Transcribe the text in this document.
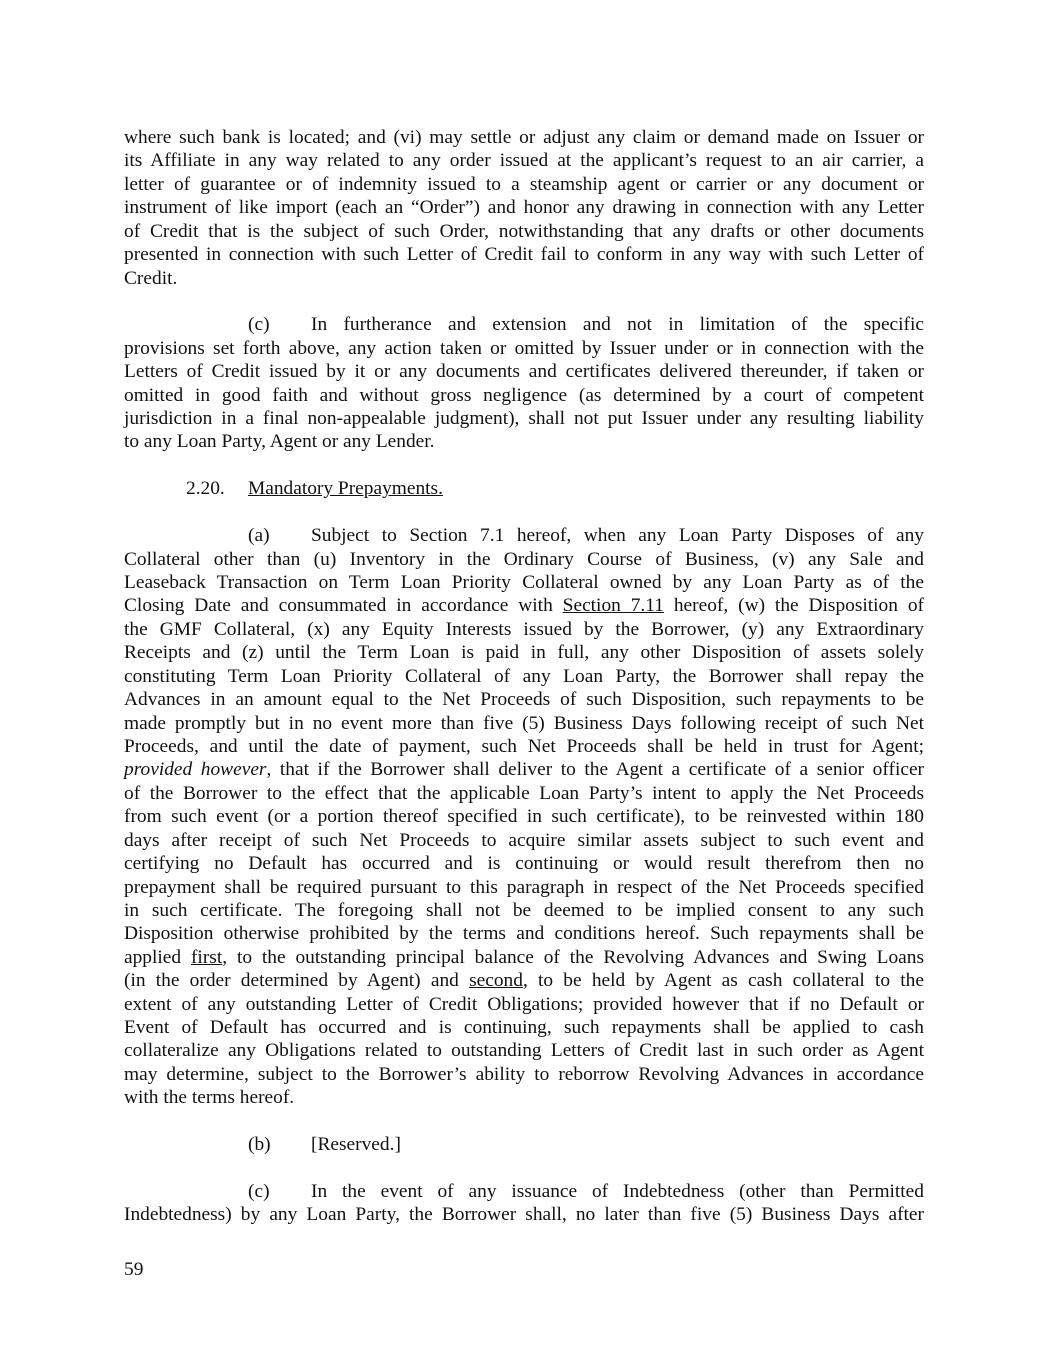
where such bank is located; and (vi) may settle or adjust any claim or demand made on Issuer or
its Affiliate in any way related to any order issued at the applicant’s request to an air carrier, a
letter of guarantee or of indemnity issued to a steamship agent or carrier or any document or
instrument of like import (each an “Order”) and honor any drawing in connection with any Letter
of Credit that is the subject of such Order, notwithstanding that any drafts or other documents
presented in connection with such Letter of Credit fail to conform in any way with such Letter of
Credit.
(c) In furtherance and extension and not in limitation of the specific
provisions set forth above, any action taken or omitted by Issuer under or in connection with the
Letters of Credit issued by it or any documents and certificates delivered thereunder, if taken or
omitted in good faith and without gross negligence (as determined by a court of competent
jurisdiction in a final non-appealable judgment), shall not put Issuer under any resulting liability
to any Loan Party, Agent or any Lender.
2.20. Mandatory Prepayments.
(a) Subject to Section 7.1 hereof, when any Loan Party Disposes of any
Collateral other than (u) Inventory in the Ordinary Course of Business, (v) any Sale and
Leaseback Transaction on Term Loan Priority Collateral owned by any Loan Party as of the
Closing Date and consummated in accordance with Section 7.11 hereof, (w) the Disposition of
the GMF Collateral, (x) any Equity Interests issued by the Borrower, (y) any Extraordinary
Receipts and (z) until the Term Loan is paid in full, any other Disposition of assets solely
constituting Term Loan Priority Collateral of any Loan Party, the Borrower shall repay the
Advances in an amount equal to the Net Proceeds of such Disposition, such repayments to be
made promptly but in no event more than five (5) Business Days following receipt of such Net
Proceeds, and until the date of payment, such Net Proceeds shall be held in trust for Agent;
provided however, that if the Borrower shall deliver to the Agent a certificate of a senior officer
of the Borrower to the effect that the applicable Loan Party’s intent to apply the Net Proceeds
from such event (or a portion thereof specified in such certificate), to be reinvested within 180
days after receipt of such Net Proceeds to acquire similar assets subject to such event and
certifying no Default has occurred and is continuing or would result therefrom then no
prepayment shall be required pursuant to this paragraph in respect of the Net Proceeds specified
in such certificate. The foregoing shall not be deemed to be implied consent to any such
Disposition otherwise prohibited by the terms and conditions hereof. Such repayments shall be
applied first, to the outstanding principal balance of the Revolving Advances and Swing Loans
(in the order determined by Agent) and second, to be held by Agent as cash collateral to the
extent of any outstanding Letter of Credit Obligations; provided however that if no Default or
Event of Default has occurred and is continuing, such repayments shall be applied to cash
collateralize any Obligations related to outstanding Letters of Credit last in such order as Agent
may determine, subject to the Borrower’s ability to reborrow Revolving Advances in accordance
with the terms hereof.
(b) [Reserved.]
(c) In the event of any issuance of Indebtedness (other than Permitted
Indebtedness) by any Loan Party, the Borrower shall, no later than five (5) Business Days after
59
